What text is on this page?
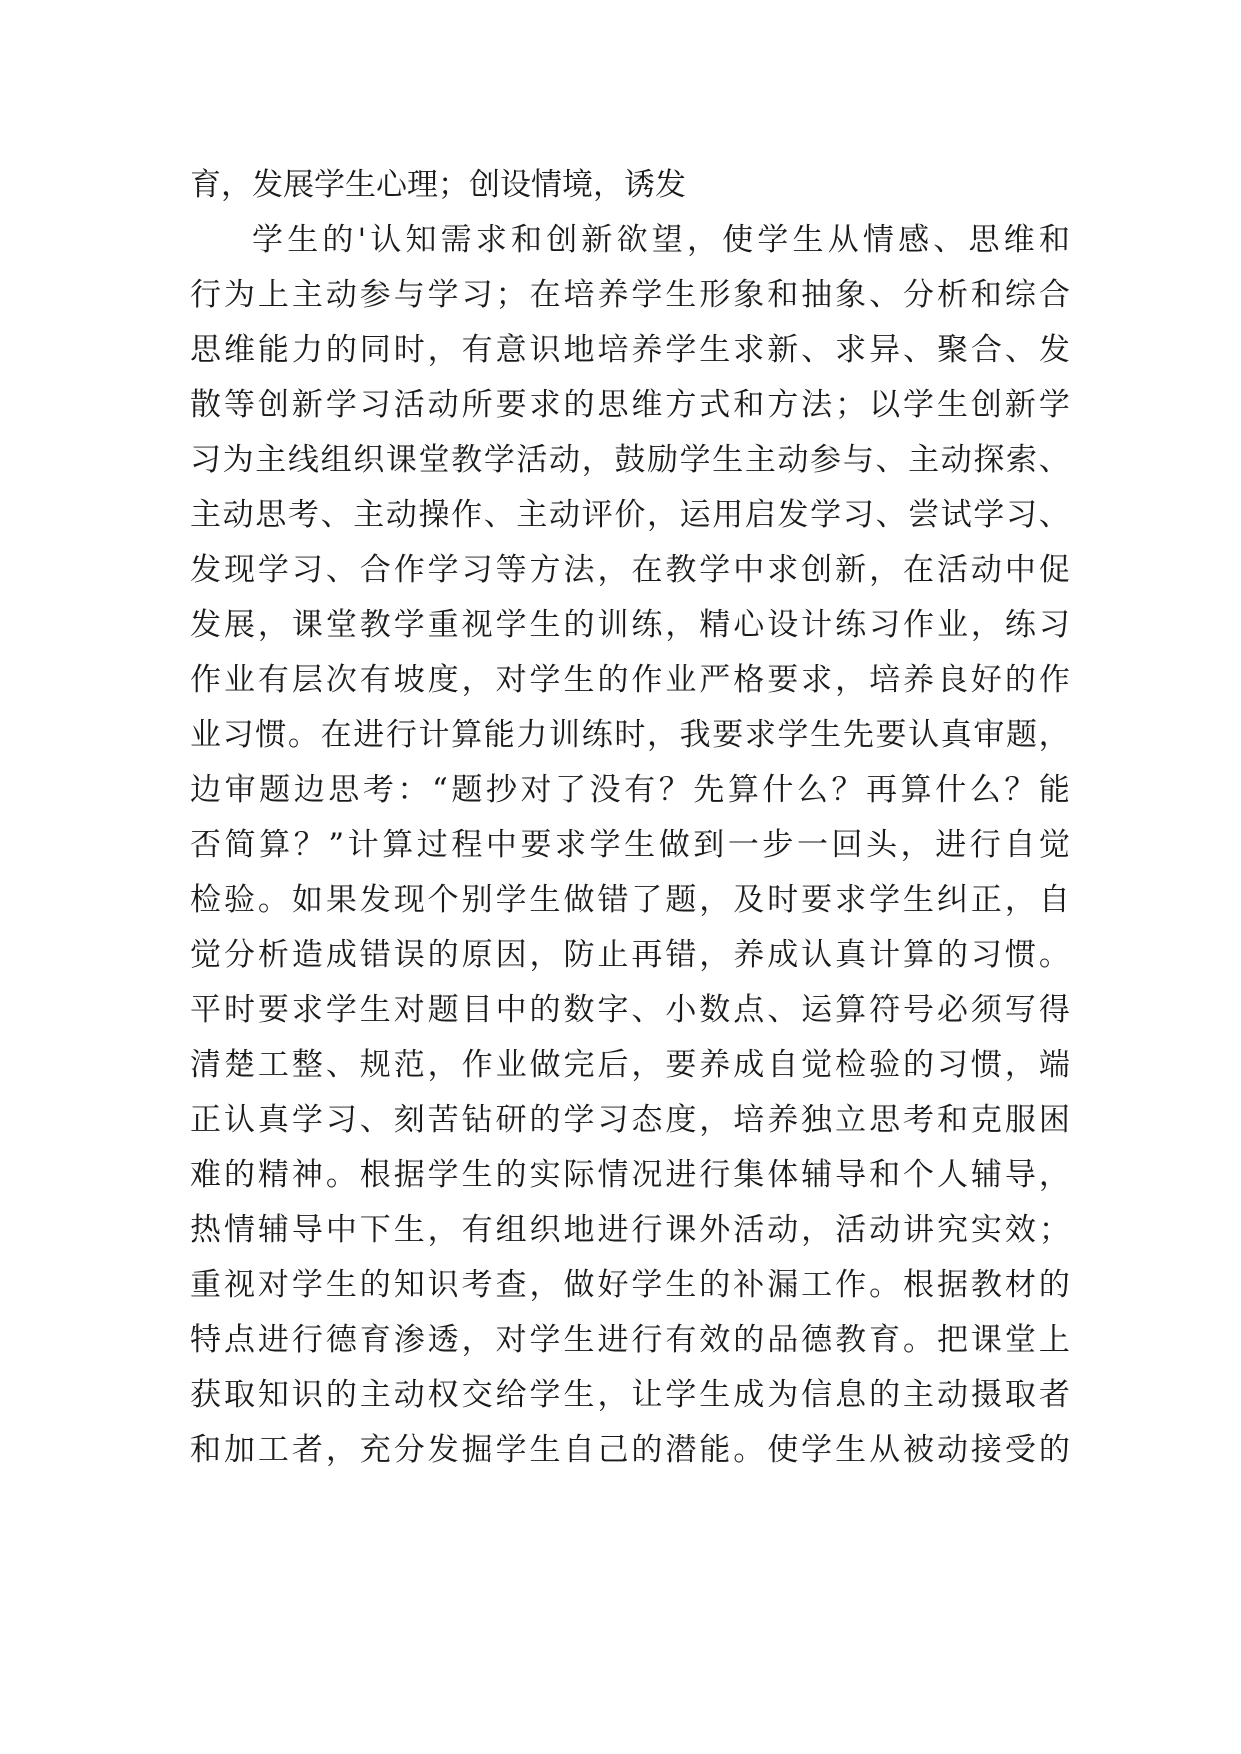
育，发展学生心理；创设情境，诱发
学 生 的 ' 认 知 需 求 和 创 新 欲 望 ， 使 学 生 从 情 感 、 思 维 和
行 为 上 主 动 参 与 学 习 ； 在 培 养 学 生 形 象 和 抽 象 、 分 析 和 综 合
思 维 能 力 的 同 时 ， 有 意 识 地 培 养 学 生 求 新 、 求 异 、 聚 合 、 发
散 等 创 新 学 习 活 动 所 要 求 的 思 维 方 式 和 方 法 ； 以 学 生 创 新 学
习 为 主 线 组 织 课 堂 教 学 活 动 ， 鼓 励 学 生 主 动 参 与 、 主 动 探 索 、
主 动 思 考 、 主 动 操 作 、 主 动 评 价 ， 运 用 启 发 学 习 、 尝 试 学 习 、
发 现 学 习 、 合 作 学 习 等 方 法 ， 在 教 学 中 求 创 新 ， 在 活 动 中 促
发 展 ， 课 堂 教 学 重 视 学 生 的 训 练 ， 精 心 设 计 练 习 作 业 ， 练 习
作 业 有 层 次 有 坡 度 ， 对 学 生 的 作 业 严 格 要 求 ， 培 养 良 好 的 作
业 习 惯 。 在 进 行 计 算 能 力 训 练 时 ， 我 要 求 学 生 先 要 认 真 审 题 ，
边 审 题 边 思 考 ： “ 题 抄 对 了 没 有 ？ 先 算 什 么 ？ 再 算 什 么 ？ 能
否 简 算 ？ ” 计 算 过 程 中 要 求 学 生 做 到 一 步 一 回 头 ， 进 行 自 觉
检 验 。 如 果 发 现 个 别 学 生 做 错 了 题 ， 及 时 要 求 学 生 纠 正 ， 自
觉 分 析 造 成 错 误 的 原 因 ， 防 止 再 错 ， 养 成 认 真 计 算 的 习 惯 。
平 时 要 求 学 生 对 题 目 中 的 数 字 、 小 数 点 、 运 算 符 号 必 须 写 得
清 楚 工 整 、 规 范 ， 作 业 做 完 后 ， 要 养 成 自 觉 检 验 的 习 惯 ， 端
正 认 真 学 习 、 刻 苦 钻 研 的 学 习 态 度 ， 培 养 独 立 思 考 和 克 服 困
难 的 精 神 。 根 据 学 生 的 实 际 情 况 进 行 集 体 辅 导 和 个 人 辅 导 ，
热 情 辅 导 中 下 生 ， 有 组 织 地 进 行 课 外 活 动 ， 活 动 讲 究 实 效 ；
重 视 对 学 生 的 知 识 考 查 ， 做 好 学 生 的 补 漏 工 作 。 根 据 教 材 的
特 点 进 行 德 育 渗 透 ， 对 学 生 进 行 有 效 的 品 德 教 育 。 把 课 堂 上
获 取 知 识 的 主 动 权 交 给 学 生 ， 让 学 生 成 为 信 息 的 主 动 摄 取 者
和 加 工 者 ， 充 分 发 掘 学 生 自 己 的 潜 能 。 使 学 生 从 被 动 接 受 的
